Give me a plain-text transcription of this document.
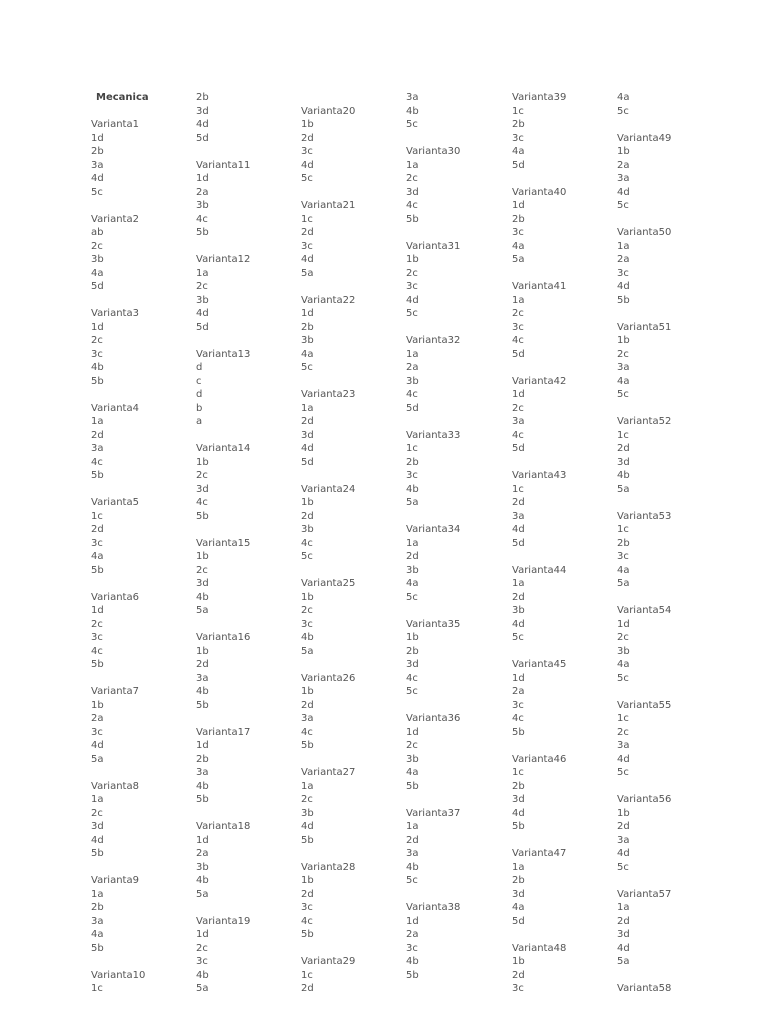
Mecanica
Varianta1
1d
2b
3a
4d
5c
Varianta2
ab
2c
3b
4a
5d
Varianta3
1d
2c
3c
4b
5b
Varianta4
1a
2d
3a
4c
5b
Varianta5
1c
2d
3c
4a
5b
Varianta6
1d
2c
3c
4c
5b
Varianta7
1b
2a
3c
4d
5a
Varianta8
1a
2c
3d
4d
5b
Varianta9
1a
2b
3a
4a
5b
Varianta10
1c
2b
3d
4d
5d
Varianta11
1d
2a
3b
4c
5b
Varianta12
1a
2c
3b
4d
5d
Varianta13
d
c
d
b
a
Varianta14
1b
2c
3d
4c
5b
Varianta15
1b
2c
3d
4b
5a
Varianta16
1b
2d
3a
4b
5b
Varianta17
1d
2b
3a
4b
5b
Varianta18
1d
2a
3b
4b
5a
Varianta19
1d
2c
3c
4b
5a
Varianta20
1b
2d
3c
4d
5c
Varianta21
1c
2d
3c
4d
5a
Varianta22
1d
2b
3b
4a
5c
Varianta23
1a
2d
3d
4d
5d
Varianta24
1b
2d
3b
4c
5c
Varianta25
1b
2c
3c
4b
5a
Varianta26
1b
2d
3a
4c
5b
Varianta27
1a
2c
3b
4d
5b
Varianta28
1b
2d
3c
4c
5b
Varianta29
1c
2d
3a
4b
5c
Varianta30
1a
2c
3d
4c
5b
Varianta31
1b
2c
3c
4d
5c
Varianta32
1a
2a
3b
4c
5d
Varianta33
1c
2b
3c
4b
5a
Varianta34
1a
2d
3b
4a
5c
Varianta35
1b
2b
3d
4c
5c
Varianta36
1d
2c
3b
4a
5b
Varianta37
1a
2d
3a
4b
5c
Varianta38
1d
2a
3c
4b
5b
Varianta39
1c
2b
3c
4a
5d
Varianta40
1d
2b
3c
4a
5a
Varianta41
1a
2c
3c
4c
5d
Varianta42
1d
2c
3a
4c
5d
Varianta43
1c
2d
3a
4d
5d
Varianta44
1a
2d
3b
4d
5c
Varianta45
1d
2a
3c
4c
5b
Varianta46
1c
2b
3d
4d
5b
Varianta47
1a
2b
3d
4a
5d
Varianta48
1b
2d
3c
4a
5c
Varianta49
1b
2a
3a
4d
5c
Varianta50
1a
2a
3c
4d
5b
Varianta51
1b
2c
3a
4a
5c
Varianta52
1c
2d
3d
4b
5a
Varianta53
1c
2b
3c
4a
5a
Varianta54
1d
2c
3b
4a
5c
Varianta55
1c
2c
3a
4d
5c
Varianta56
1b
2d
3a
4d
5c
Varianta57
1a
2d
3d
4d
5a
Varianta58
